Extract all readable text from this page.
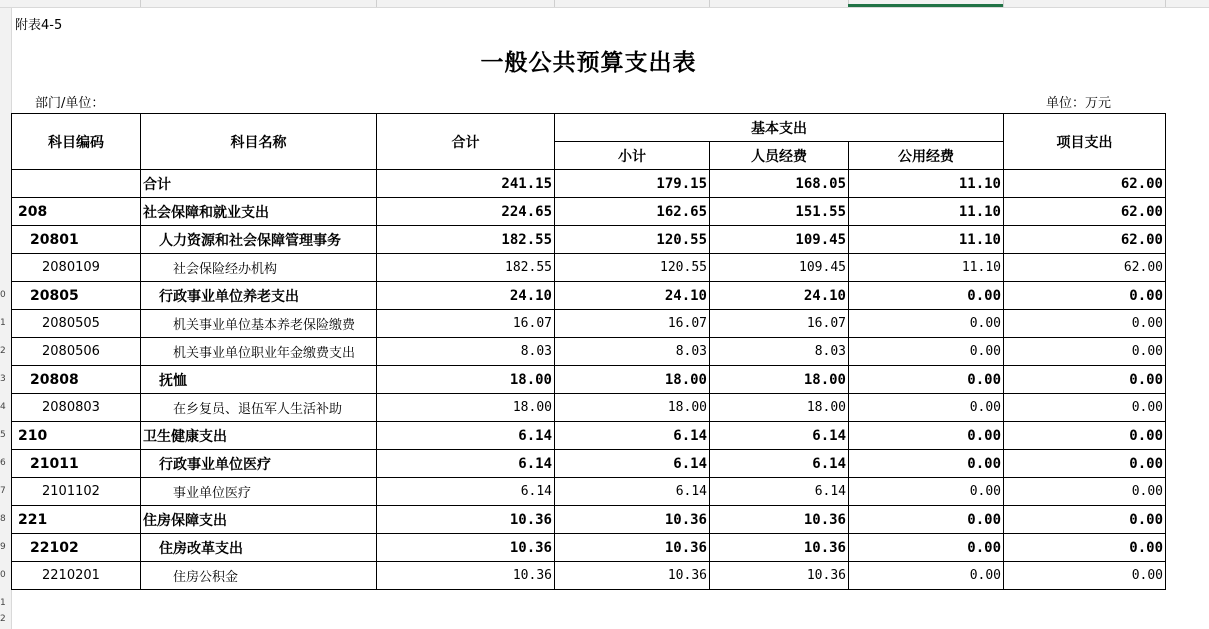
0
1
2
3
4
5
6
7
8
9
0
1
2
附表4-5
一般公共预算支出表
部门/单位：	单位：万元
科目编码	科目名称	合计	基本支出			项目支出
			小计	人员经费	公用经费	
	合计	241.15	179.15	168.05	11.10	62.00
208	社会保障和就业支出	224.65	162.65	151.55	11.10	62.00
20801	人力资源和社会保障管理事务	182.55	120.55	109.45	11.10	62.00
2080109	社会保险经办机构	182.55	120.55	109.45	11.10	62.00
20805	行政事业单位养老支出	24.10	24.10	24.10	0.00	0.00
2080505	机关事业单位基本养老保险缴费	16.07	16.07	16.07	0.00	0.00
2080506	机关事业单位职业年金缴费支出	8.03	8.03	8.03	0.00	0.00
20808	抚恤	18.00	18.00	18.00	0.00	0.00
2080803	在乡复员、退伍军人生活补助	18.00	18.00	18.00	0.00	0.00
210	卫生健康支出	6.14	6.14	6.14	0.00	0.00
21011	行政事业单位医疗	6.14	6.14	6.14	0.00	0.00
2101102	事业单位医疗	6.14	6.14	6.14	0.00	0.00
221	住房保障支出	10.36	10.36	10.36	0.00	0.00
22102	住房改革支出	10.36	10.36	10.36	0.00	0.00
2210201	住房公积金	10.36	10.36	10.36	0.00	0.00
